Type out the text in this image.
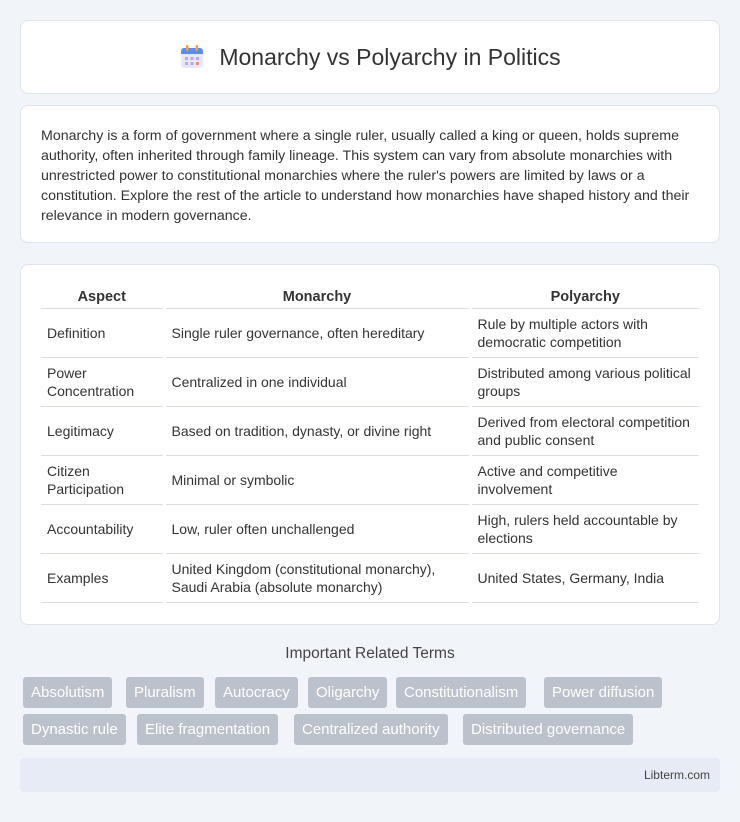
Monarchy vs Polyarchy in Politics

Monarchy is a form of government where a single ruler, usually called a king or queen, holds supreme authority, often inherited through family lineage. This system can vary from absolute monarchies with unrestricted power to constitutional monarchies where the ruler's powers are limited by laws or a constitution. Explore the rest of the article to understand how monarchies have shaped history and their relevance in modern governance.

Aspect	Monarchy	Polyarchy
Definition	Single ruler governance, often hereditary	Rule by multiple actors with democratic competition
Power Concentration	Centralized in one individual	Distributed among various political groups
Legitimacy	Based on tradition, dynasty, or divine right	Derived from electoral competition and public consent
Citizen Participation	Minimal or symbolic	Active and competitive involvement
Accountability	Low, ruler often unchallenged	High, rulers held accountable by elections
Examples	United Kingdom (constitutional monarchy), Saudi Arabia (absolute monarchy)	United States, Germany, India
Important Related Terms
Absolutism	Pluralism	Autocracy	Oligarchy	Constitutionalism	Power diffusion
Dynastic rule	Elite fragmentation	Centralized authority	Distributed governance
Libterm.com
